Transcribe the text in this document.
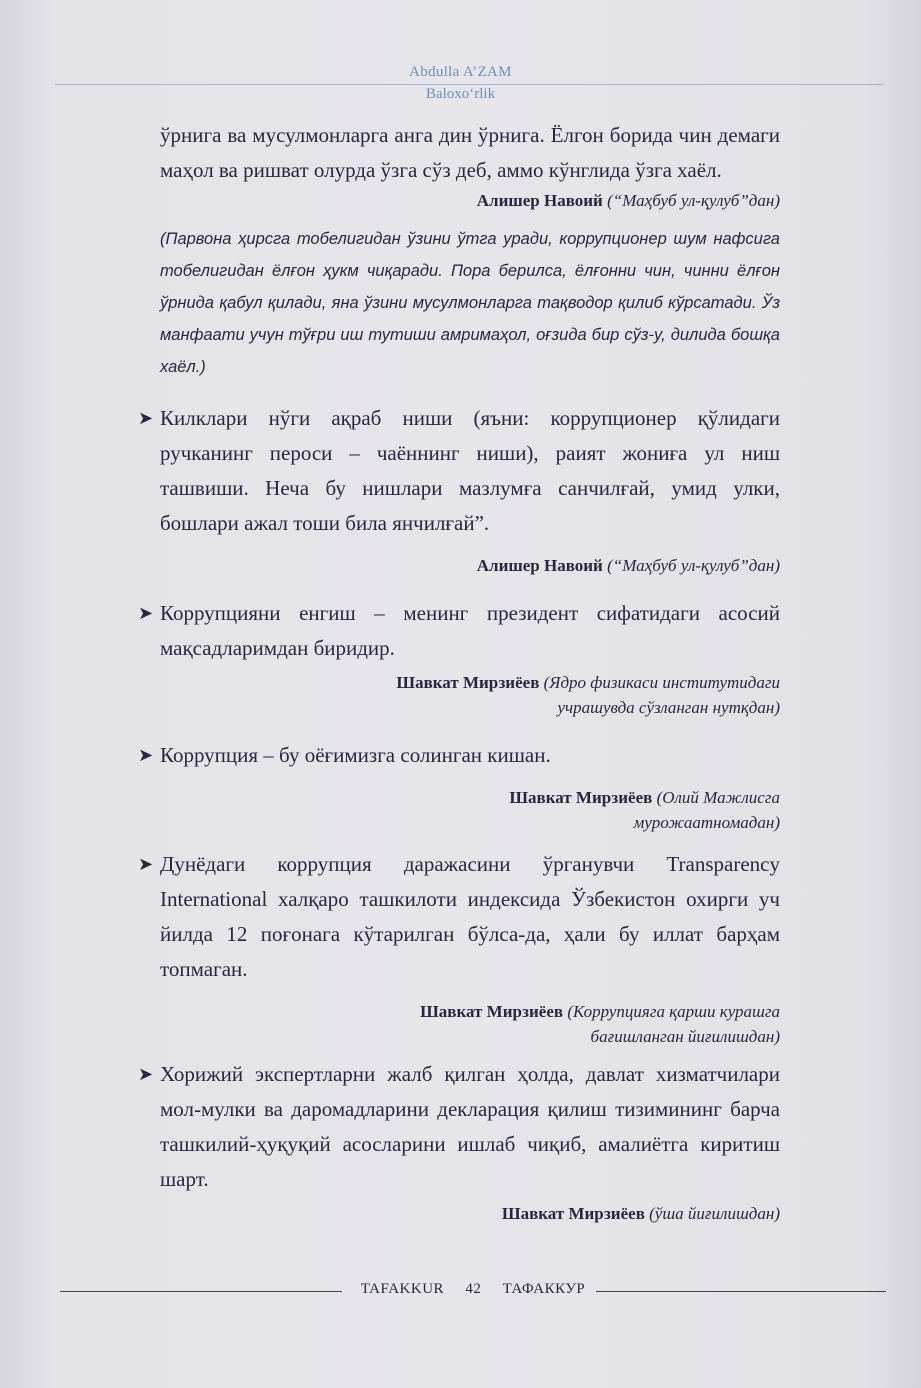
Abdulla A’ZAM
Baloxo‘rlik

ўрнига ва мусулмонларга анга дин ўрнига. Ёлгон борида чин демаги маҳол ва ришват олурда ўзга сўз деб, аммо кўнглида ўзга хаёл.

Алишер Навоий (“Маҳбуб ул-қулуб”дан)

(Парвона ҳирсга тобелигидан ўзини ўтга уради, коррупционер шум нафсига тобелигидан ёлғон ҳукм чиқаради. Пора берилса, ёлғонни чин, чинни ёлғон ўрнида қабул қилади, яна ўзини мусулмонларга тақводор қилиб кўрсатади. Ўз манфаати учун тўғри иш тутиши амримаҳол, оғзида бир сўз-у, дилида бошқа хаёл.)

➤ Килклари нўги ақраб ниши (яъни: коррупционер қўлидаги ручканинг пероси – чаённинг ниши), раият жониға ул ниш ташвиши. Неча бу нишлари мазлумға санчилғай, умид улки, бошлари ажал тоши била янчилғай”.

Алишер Навоий (“Маҳбуб ул-қулуб”дан)

➤ Коррупцияни енгиш – менинг президент сифатидаги асосий мақсадларимдан биридир.

Шавкат Мирзиёев (Ядро физикаси институтидаги
учрашувда сўзланган нутқдан)

➤ Коррупция – бу оёғимизга солинган кишан.

Шавкат Мирзиёев (Олий Мажлисга
мурожаатномадан)

➤ Дунёдаги коррупция даражасини ўрганувчи Transparency International халқаро ташкилоти индексида Ўзбекистон охирги уч йилда 12 поғонага кўтарилган бўлса-да, ҳали бу иллат барҳам топмаган.

Шавкат Мирзиёев (Коррупцияга қарши курашга
бағишланган йиғилишдан)

➤ Хорижий экспертларни жалб қилган ҳолда, давлат хизматчилари мол-мулки ва даромадларини декларация қилиш тизимининг барча ташкилий-ҳуқуқий асосларини ишлаб чиқиб, амалиётга киритиш шарт.

Шавкат Мирзиёев (ўша йиғилишдан)

TAFAKKUR 42 ТАФАККУР
